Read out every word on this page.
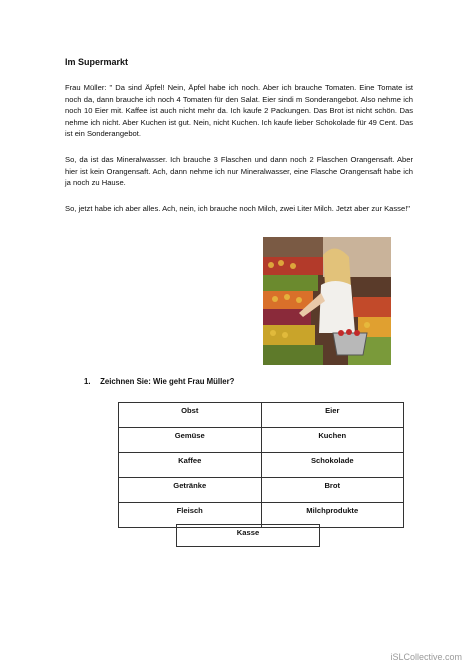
Im Supermarkt

Frau Müller: " Da sind Äpfel! Nein, Äpfel habe ich noch. Aber ich brauche Tomaten. Eine Tomate ist noch da, dann brauche ich noch 4 Tomaten für den Salat. Eier sindi m Sonderangebot. Also nehme ich noch 10 Eier mit. Kaffee ist auch nicht mehr da. Ich kaufe 2 Packungen. Das Brot ist nicht schön. Das nehme ich nicht. Aber Kuchen ist gut. Nein, nicht Kuchen. Ich kaufe lieber Schokolade für 49 Cent. Das ist ein Sonderangebot.

So, da ist das Mineralwasser. Ich brauche 3 Flaschen und dann noch 2 Flaschen Orangensaft. Aber hier ist kein Orangensaft. Ach, dann nehme ich nur Mineralwasser, eine Flasche Orangensaft habe ich ja noch zu Hause.

So, jetzt habe ich aber alles. Ach, nein, ich brauche noch Milch, zwei Liter Milch. Jetzt aber zur Kasse!"

1. Zeichnen Sie: Wie geht Frau Müller?
Obst	Eier
Gemüse	Kuchen
Kaffee	Schokolade
Getränke	Brot
Fleisch	Milchprodukte
Kasse
iSLCollective.com
